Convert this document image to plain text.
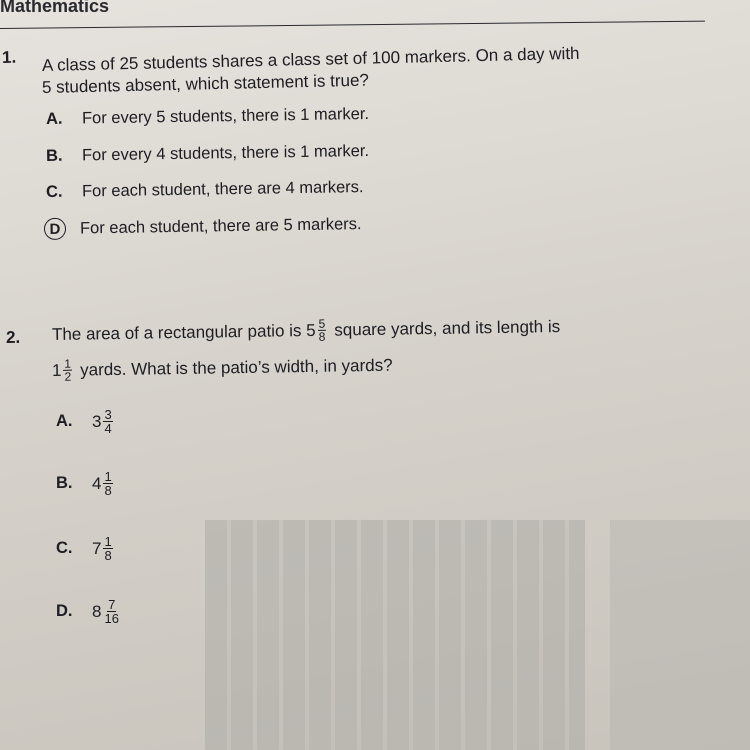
Mathematics
1. A class of 25 students shares a class set of 100 markers. On a day with
5 students absent, which statement is true?
A.	For every 5 students, there is 1 marker.
B.	For every 4 students, there is 1 marker.
C.	For each student, there are 4 markers.
D	For each student, there are 5 markers.
2. The area of a rectangular patio is $5 \frac{5}{8}$ square yards, and its length is
$1 \frac{1}{2}$ yards. What is the patio’s width, in yards?
A.	$3 \frac{3}{4}$
B.	$4 \frac{1}{8}$
C.	$7 \frac{1}{8}$
D.	$8 \frac{7}{16}$
